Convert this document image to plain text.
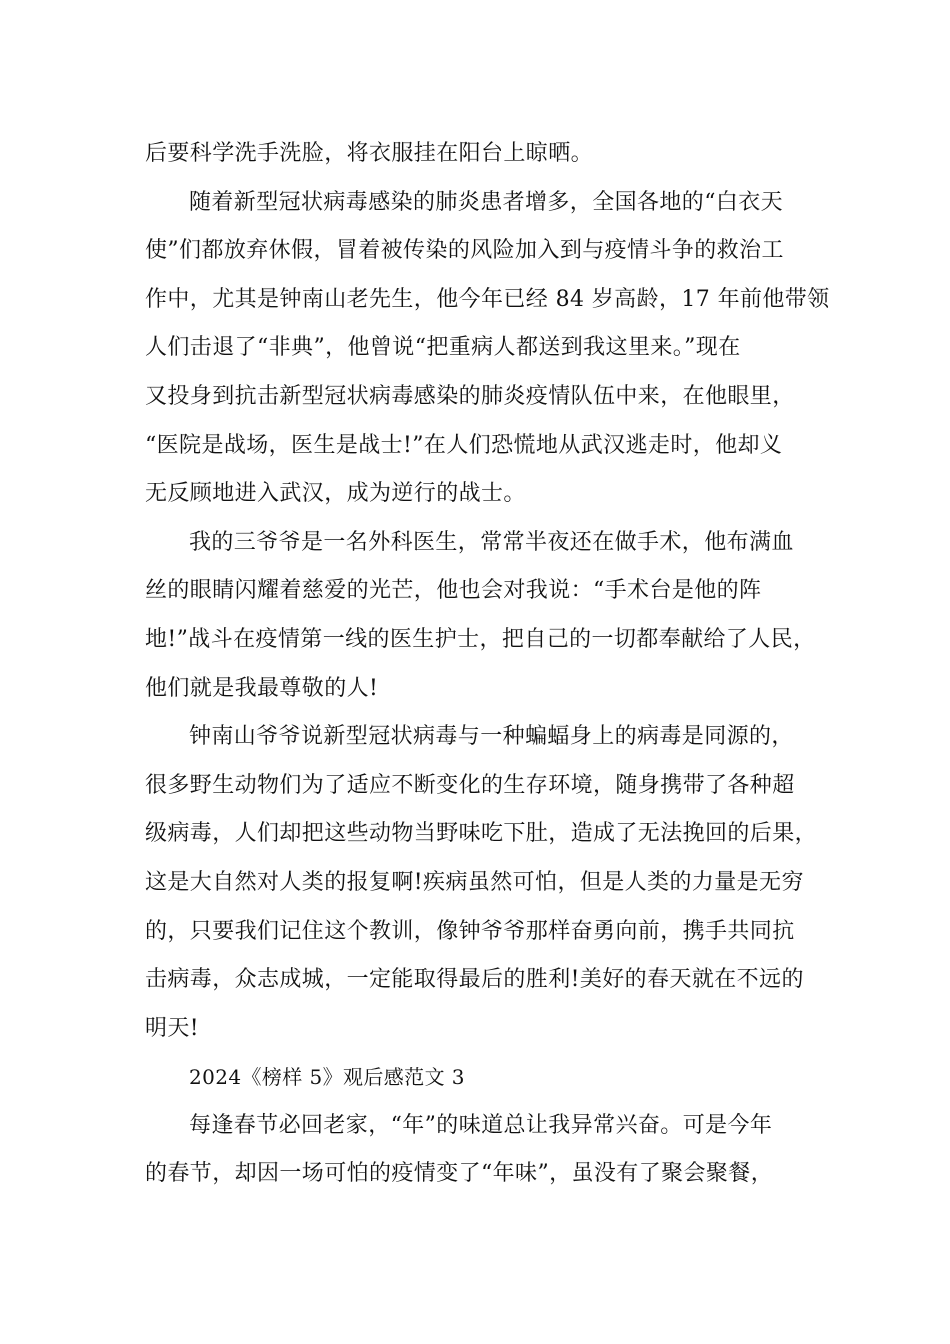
后要科学洗手洗脸，将衣服挂在阳台上晾晒。
随着新型冠状病毒感染的肺炎患者增多，全国各地的“白衣天
使”们都放弃休假，冒着被传染的风险加入到与疫情斗争的救治工
作中，尤其是钟南山老先生，他今年已经 84 岁高龄，17 年前他带领
人们击退了“非典”，他曾说“把重病人都送到我这里来。”现在
又投身到抗击新型冠状病毒感染的肺炎疫情队伍中来，在他眼里，
“医院是战场，医生是战士!”在人们恐慌地从武汉逃走时，他却义
无反顾地进入武汉，成为逆行的战士。
我的三爷爷是一名外科医生，常常半夜还在做手术，他布满血
丝的眼睛闪耀着慈爱的光芒，他也会对我说：“手术台是他的阵
地!”战斗在疫情第一线的医生护士，把自己的一切都奉献给了人民，
他们就是我最尊敬的人!
钟南山爷爷说新型冠状病毒与一种蝙蝠身上的病毒是同源的，
很多野生动物们为了适应不断变化的生存环境，随身携带了各种超
级病毒，人们却把这些动物当野味吃下肚，造成了无法挽回的后果，
这是大自然对人类的报复啊!疾病虽然可怕，但是人类的力量是无穷
的，只要我们记住这个教训，像钟爷爷那样奋勇向前，携手共同抗
击病毒，众志成城，一定能取得最后的胜利!美好的春天就在不远的
明天!
2024《榜样 5》观后感范文 3
每逢春节必回老家，“年”的味道总让我异常兴奋。可是今年
的春节，却因一场可怕的疫情变了“年味”，虽没有了聚会聚餐，
